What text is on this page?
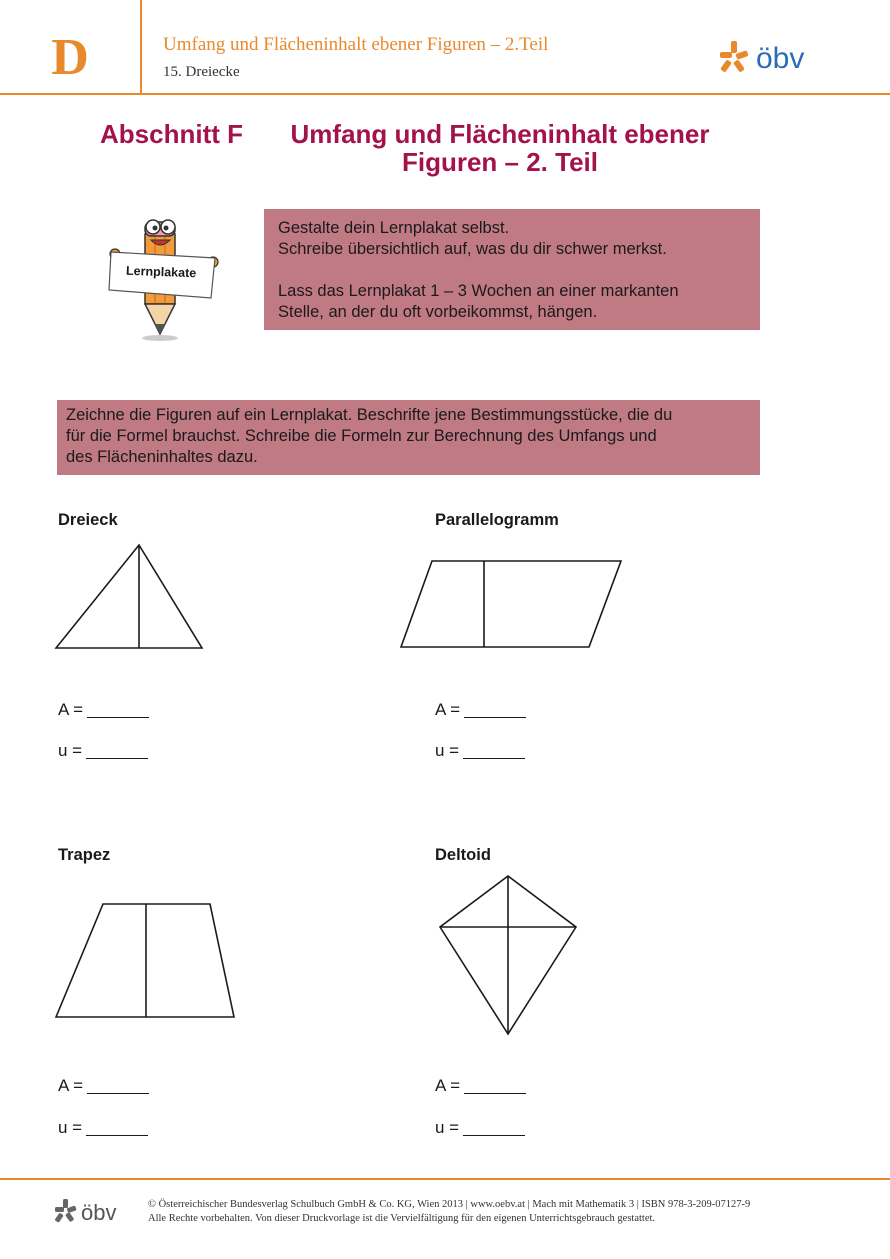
D	Umfang und Flächeninhalt ebener Figuren – 2.Teil
15. Dreiecke	öbv
Abschnitt F	Umfang und Flächeninhalt ebener
Figuren – 2. Teil
Lernplakate

Gestalte dein Lernplakat selbst.
Schreibe übersichtlich auf, was du dir schwer merkst.

Lass das Lernplakat 1 – 3 Wochen an einer markanten
Stelle, an der du oft vorbeikommst, hängen.

Zeichne die Figuren auf ein Lernplakat. Beschrifte jene Bestimmungsstücke, die du
für die Formel brauchst. Schreibe die Formeln zur Berechnung des Umfangs und
des Flächeninhaltes dazu.
Dreieck
A =
u =
Parallelogramm
A =
u =
Trapez
A =
u =
Deltoid
A =
u =
öbv	© Österreichischer Bundesverlag Schulbuch GmbH & Co. KG, Wien 2013 | www.oebv.at | Mach mit Mathematik 3 | ISBN 978-3-209-07127-9
Alle Rechte vorbehalten. Von dieser Druckvorlage ist die Vervielfältigung für den eigenen Unterrichtsgebrauch gestattet.
